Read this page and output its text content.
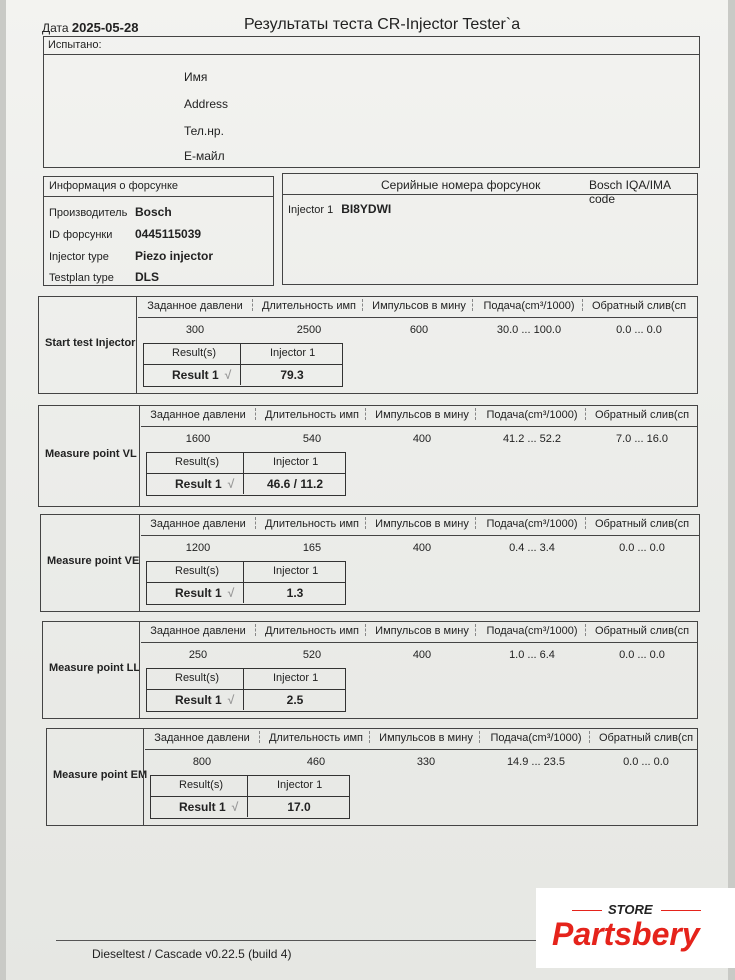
Дата 2025-05-28	Результаты теста CR-Injector Tester`a
Испытано:
Имя
Address
Тел.нр.
Е-майл
Информация о форсунке
Производитель Bosch
ID форсунки 0445115039
Injector type Piezo injector
Testplan type DLS
Серийные номера форсунок	Bosch IQA/IMA code
Injector 1 BI8YDWI
Start test Injector
Заданное давлени	Длительность имп	Импульсов в мину	Подача(cm³/1000)	Обратный слив(cп
300	2500	600	30.0 ... 100.0	0.0 ... 0.0
Result(s)	Injector 1
Result 1 √	79.3
Measure point VL
Заданное давлени	Длительность имп	Импульсов в мину	Подача(cm³/1000)	Обратный слив(cп
1600	540	400	41.2 ... 52.2	7.0 ... 16.0
Result(s)	Injector 1
Result 1 √	46.6 / 11.2
Measure point VE
Заданное давлени	Длительность имп	Импульсов в мину	Подача(cm³/1000)	Обратный слив(cп
1200	165	400	0.4 ... 3.4	0.0 ... 0.0
Result(s)	Injector 1
Result 1 √	1.3
Measure point LL
Заданное давлени	Длительность имп	Импульсов в мину	Подача(cm³/1000)	Обратный слив(cп
250	520	400	1.0 ... 6.4	0.0 ... 0.0
Result(s)	Injector 1
Result 1 √	2.5
Measure point EM
Заданное давлени	Длительность имп	Импульсов в мину	Подача(cm³/1000)	Обратный слив(cп
800	460	330	14.9 ... 23.5	0.0 ... 0.0
Result(s)	Injector 1
Result 1 √	17.0
Dieseltest / Cascade v0.22.5 (build 4)
STORE
Partsbery
